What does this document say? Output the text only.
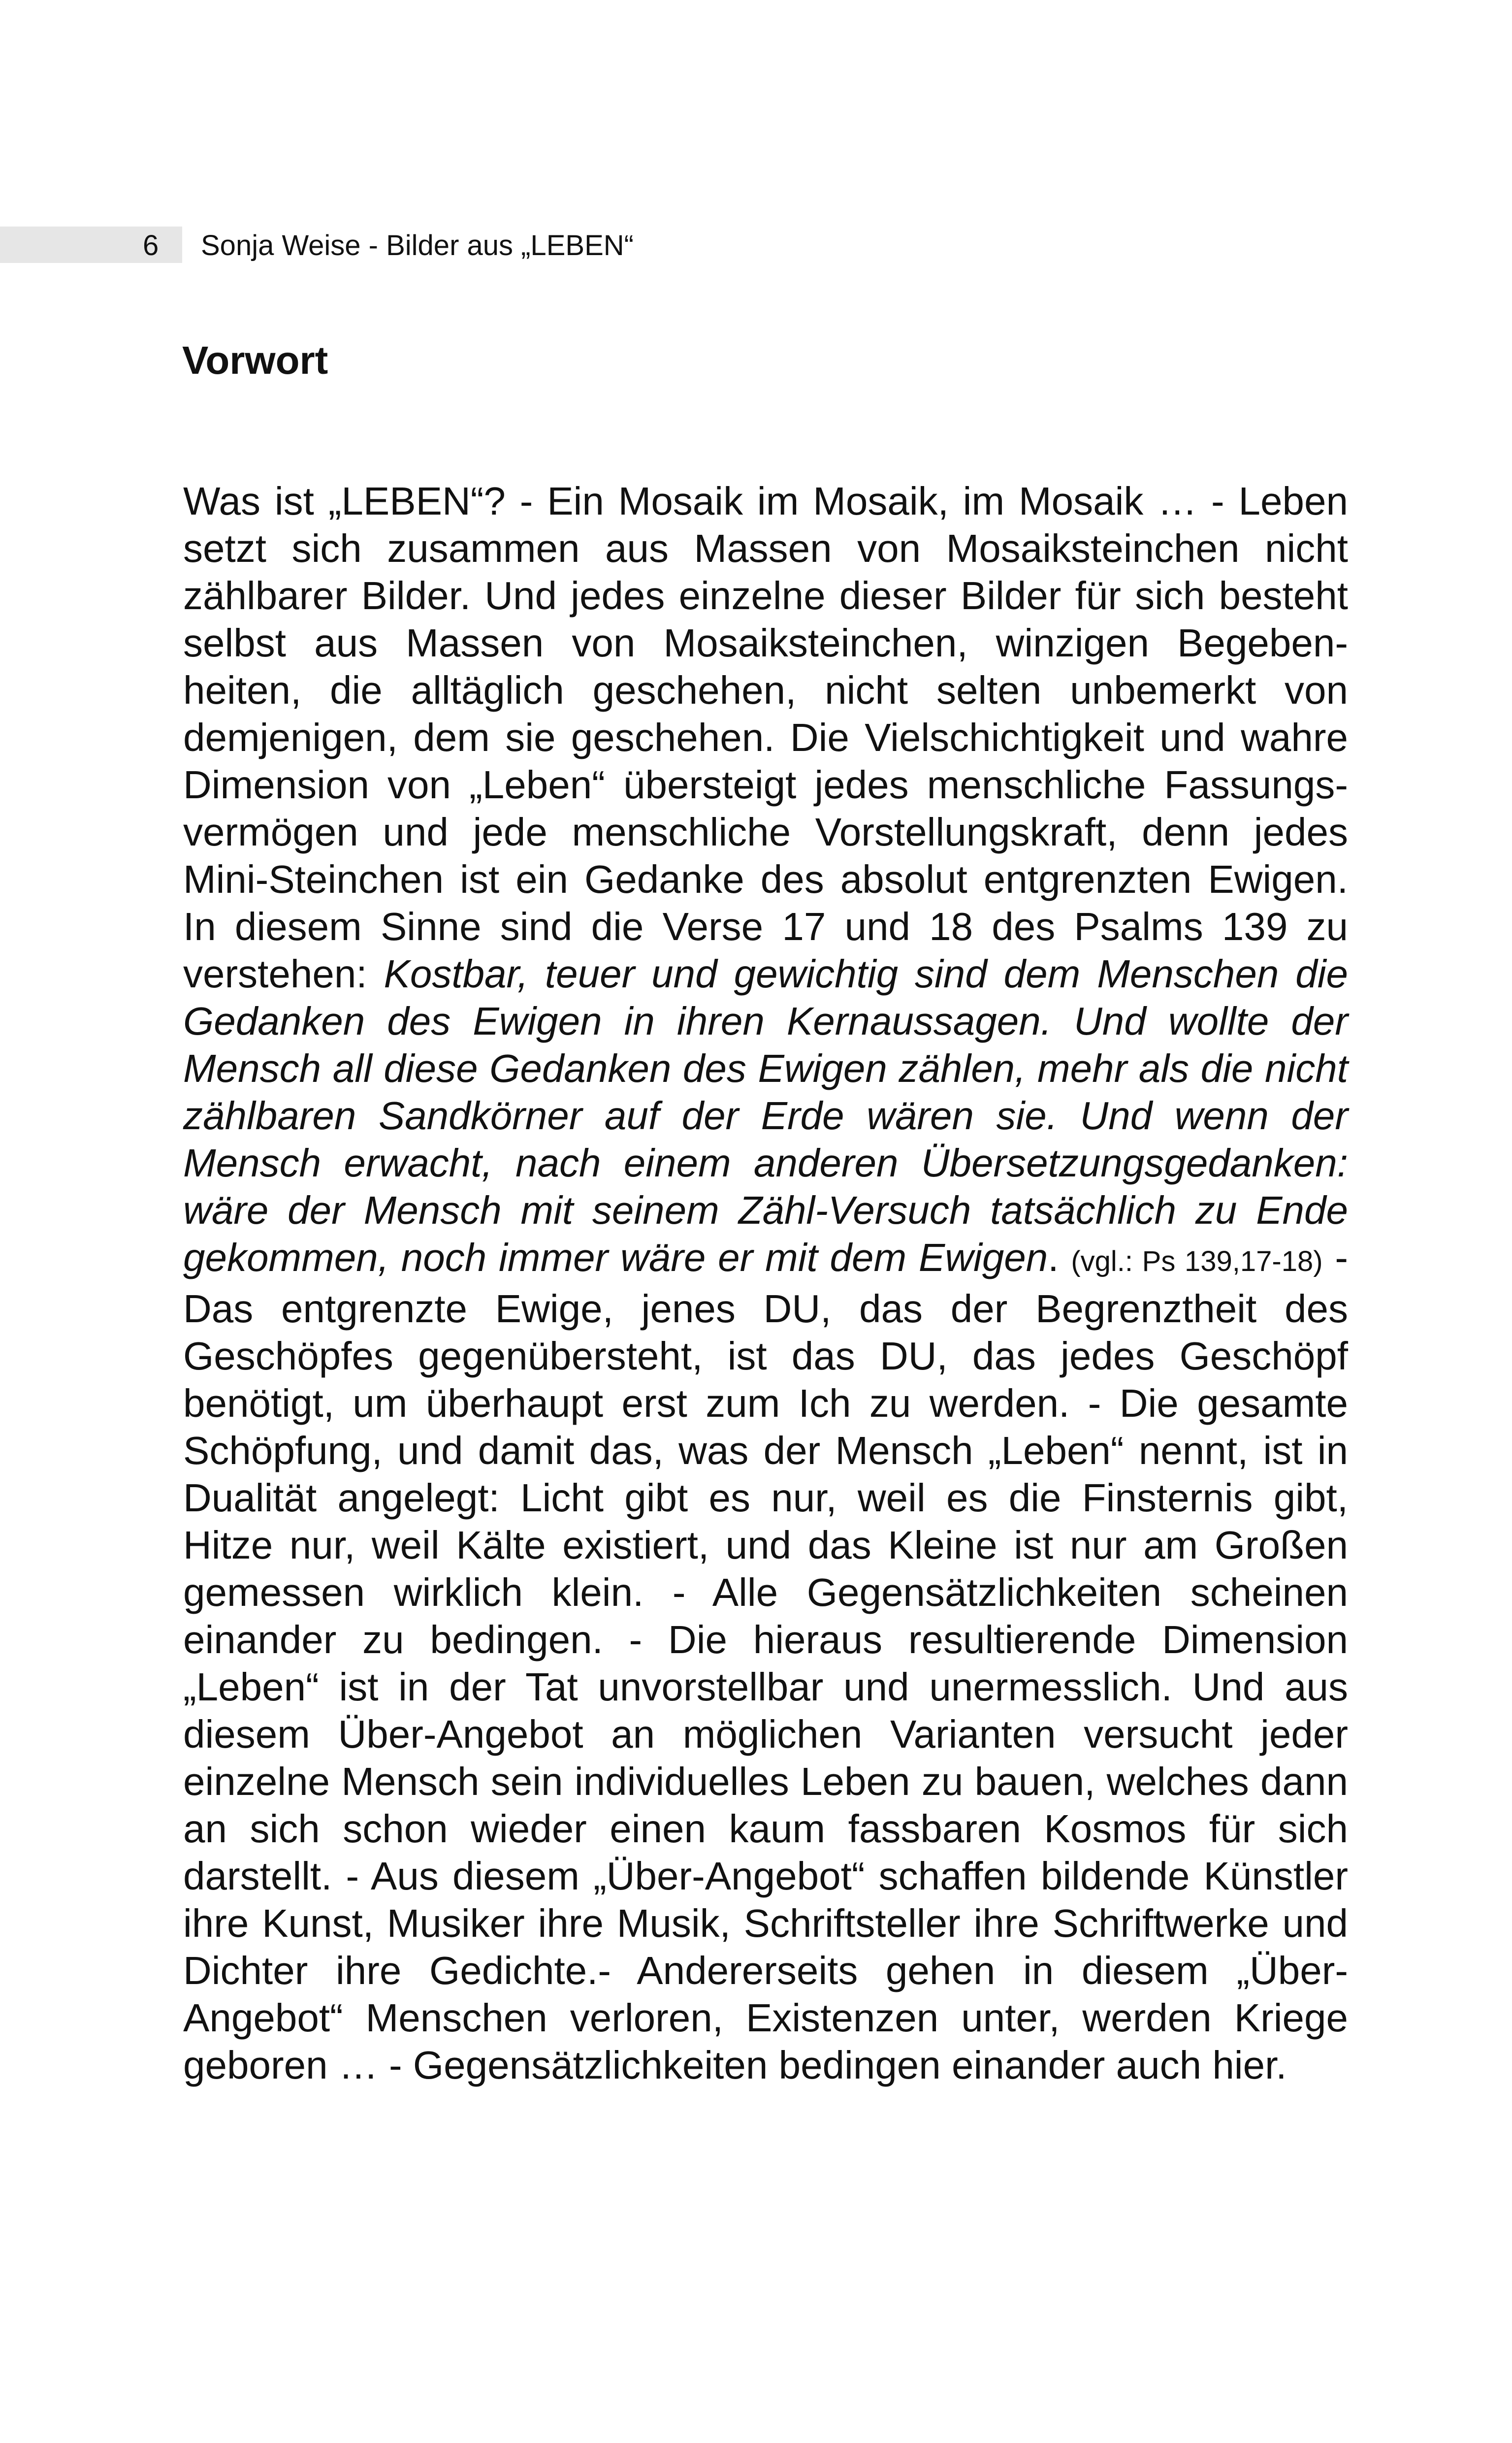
6 Sonja Weise - Bilder aus „LEBEN“
Vorwort

Was ist „LEBEN“? - Ein Mosaik im Mosaik, im Mosaik … - Leben setzt sich zusammen aus Massen von Mosaiksteinchen nicht zählbarer Bilder. Und jedes einzelne dieser Bilder für sich besteht selbst aus Massen von Mosaiksteinchen, winzigen Begebenheiten, die alltäglich geschehen, nicht selten unbemerkt von demjenigen, dem sie geschehen. Die Vielschichtigkeit und wahre Dimension von „Leben“ übersteigt jedes menschliche Fassungsvermögen und jede menschliche Vorstellungskraft, denn jedes Mini-Steinchen ist ein Gedanke des absolut entgrenzten Ewigen. In diesem Sinne sind die Verse 17 und 18 des Psalms 139 zu verstehen: Kostbar, teuer und gewichtig sind dem Menschen die Gedanken des Ewigen in ihren Kernaussagen. Und wollte der Mensch all diese Gedanken des Ewigen zählen, mehr als die nicht zählbaren Sandkörner auf der Erde wären sie. Und wenn der Mensch erwacht, nach einem anderen Übersetzungsgedanken: wäre der Mensch mit seinem Zähl-Versuch tatsächlich zu Ende gekommen, noch immer wäre er mit dem Ewigen. (vgl.: Ps 139,17-18) - Das entgrenzte Ewige, jenes DU, das der Begrenztheit des Geschöpfes gegenübersteht, ist das DU, das jedes Geschöpf benötigt, um überhaupt erst zum Ich zu werden. - Die gesamte Schöpfung, und damit das, was der Mensch „Leben“ nennt, ist in Dualität angelegt: Licht gibt es nur, weil es die Finsternis gibt, Hitze nur, weil Kälte existiert, und das Kleine ist nur am Großen gemessen wirklich klein. - Alle Gegensätzlichkeiten scheinen einander zu bedingen. - Die hieraus resultierende Dimension „Leben“ ist in der Tat unvorstellbar und unermesslich. Und aus diesem Über-Angebot an möglichen Varianten versucht jeder einzelne Mensch sein individuelles Leben zu bauen, welches dann an sich schon wieder einen kaum fassbaren Kosmos für sich darstellt. - Aus diesem „Über-Angebot“ schaffen bildende Künstler ihre Kunst, Musiker ihre Musik, Schriftsteller ihre Schriftwerke und Dichter ihre Gedichte.- Andererseits gehen in diesem „Über-Angebot“ Menschen verloren, Existenzen unter, werden Kriege geboren … - Gegensätzlichkeiten bedingen einander auch hier.
